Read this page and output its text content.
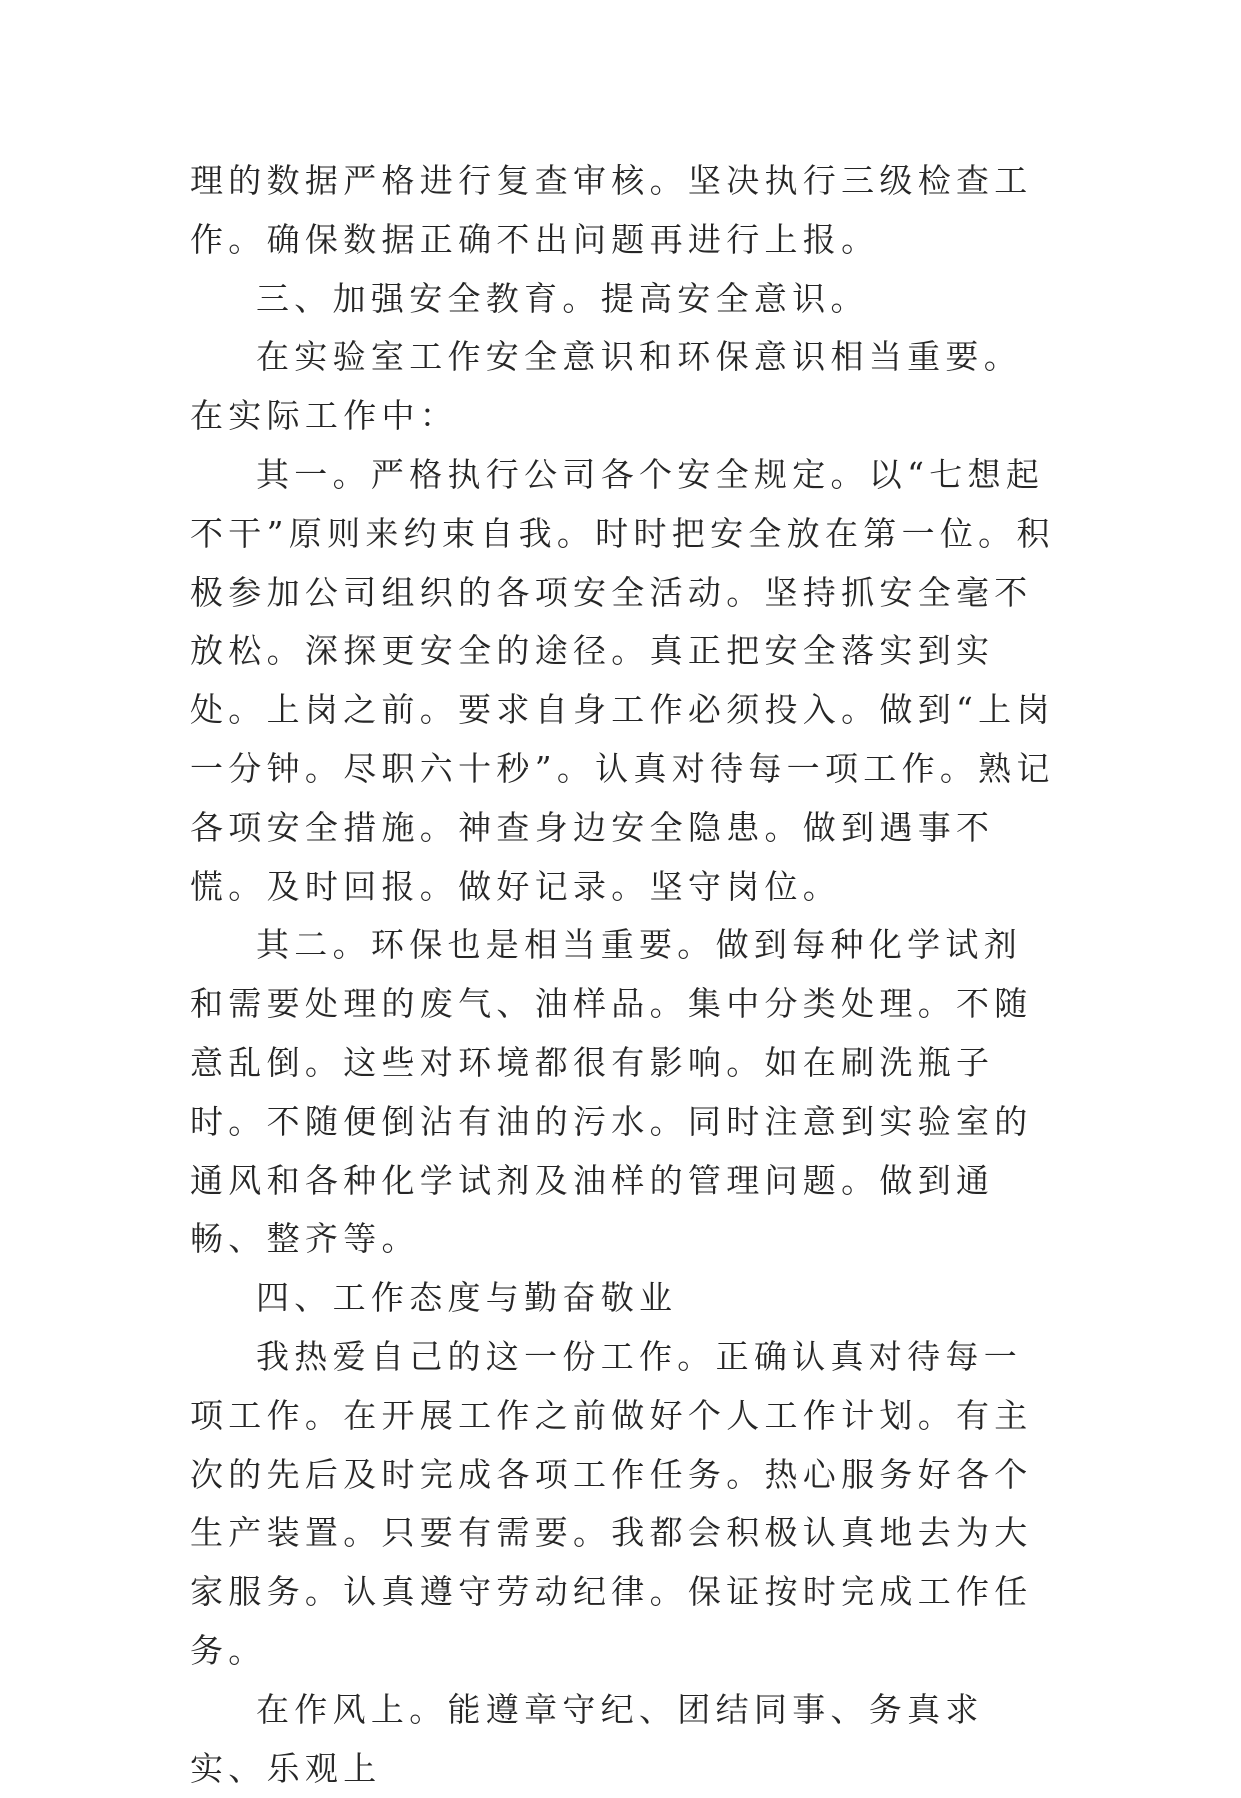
理的数据严格进行复查审核。坚决执行三级检查工作。确保数据正确不出问题再进行上报。

三、加强安全教育。提高安全意识。

在实验室工作安全意识和环保意识相当重要。在实际工作中：

其一。严格执行公司各个安全规定。以“七想起不干”原则来约束自我。时时把安全放在第一位。积极参加公司组织的各项安全活动。坚持抓安全毫不放松。深探更安全的途径。真正把安全落实到实处。上岗之前。要求自身工作必须投入。做到“上岗一分钟。尽职六十秒”。认真对待每一项工作。熟记各项安全措施。神查身边安全隐患。做到遇事不慌。及时回报。做好记录。坚守岗位。

其二。环保也是相当重要。做到每种化学试剂和需要处理的废气、油样品。集中分类处理。不随意乱倒。这些对环境都很有影响。如在刷洗瓶子时。不随便倒沾有油的污水。同时注意到实验室的通风和各种化学试剂及油样的管理问题。做到通畅、整齐等。

四、工作态度与勤奋敬业

我热爱自己的这一份工作。正确认真对待每一项工作。在开展工作之前做好个人工作计划。有主次的先后及时完成各项工作任务。热心服务好各个生产装置。只要有需要。我都会积极认真地去为大家服务。认真遵守劳动纪律。保证按时完成工作任务。

在作风上。能遵章守纪、团结同事、务真求实、乐观上
